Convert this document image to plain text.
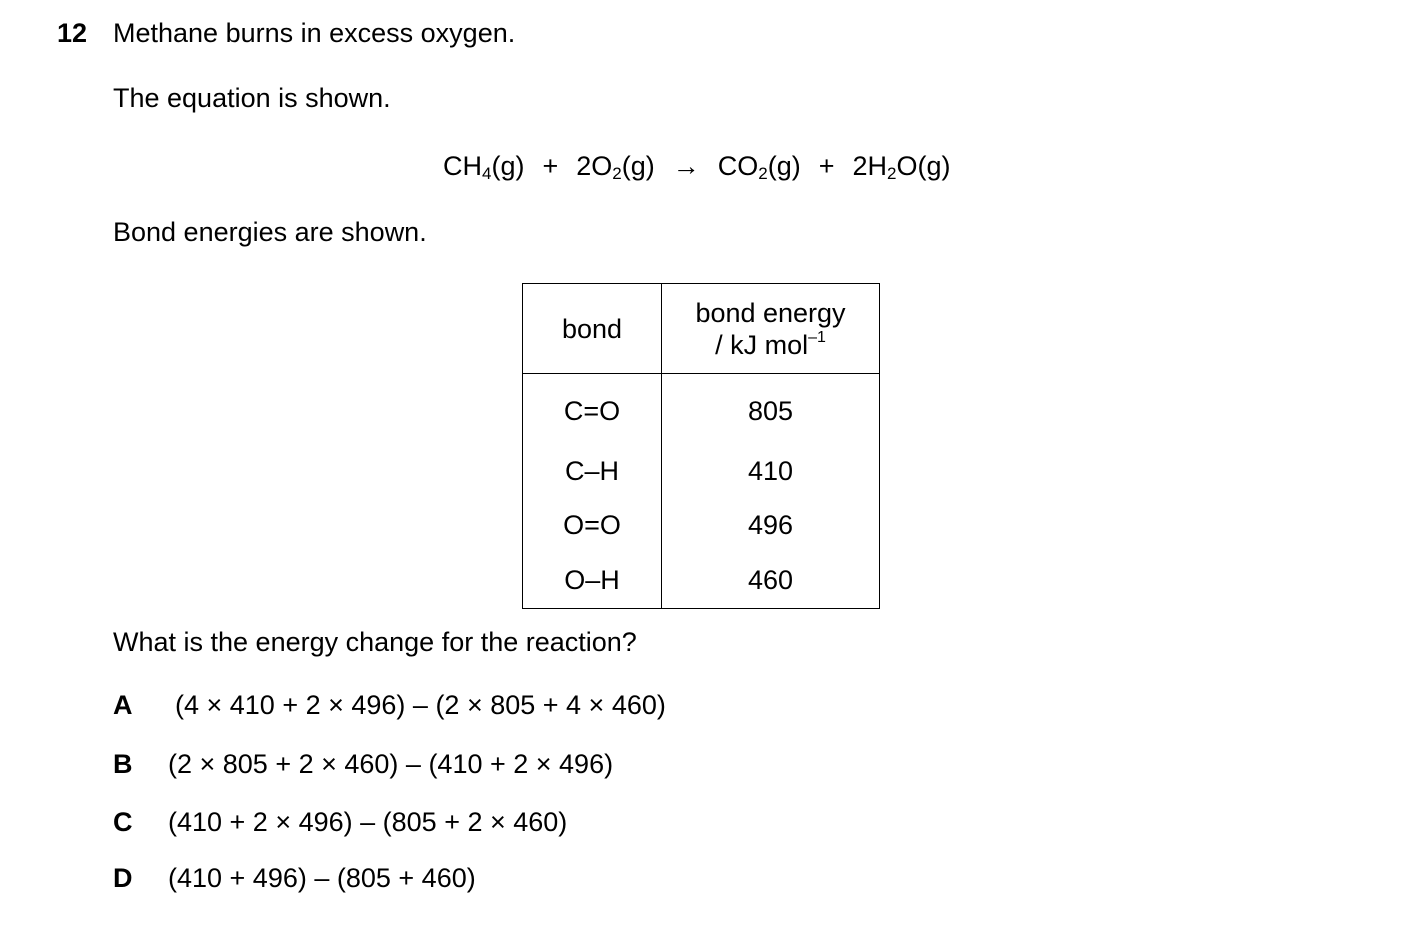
12 Methane burns in excess oxygen.
The equation is shown.
$CH_4(g) + 2O_2(g) \to CO_2(g) + 2H_2O(g)$
Bond energies are shown.
bond	bond energy
/ kJ mol$^{-1}$

C=O	805
C–H	410
O=O	496
O–H	460
What is the energy change for the reaction?
A (4 × 410 + 2 × 496) – (2 × 805 + 4 × 460)
B (2 × 805 + 2 × 460) – (410 + 2 × 496)
C (410 + 2 × 496) – (805 + 2 × 460)
D (410 + 496) – (805 + 460)
